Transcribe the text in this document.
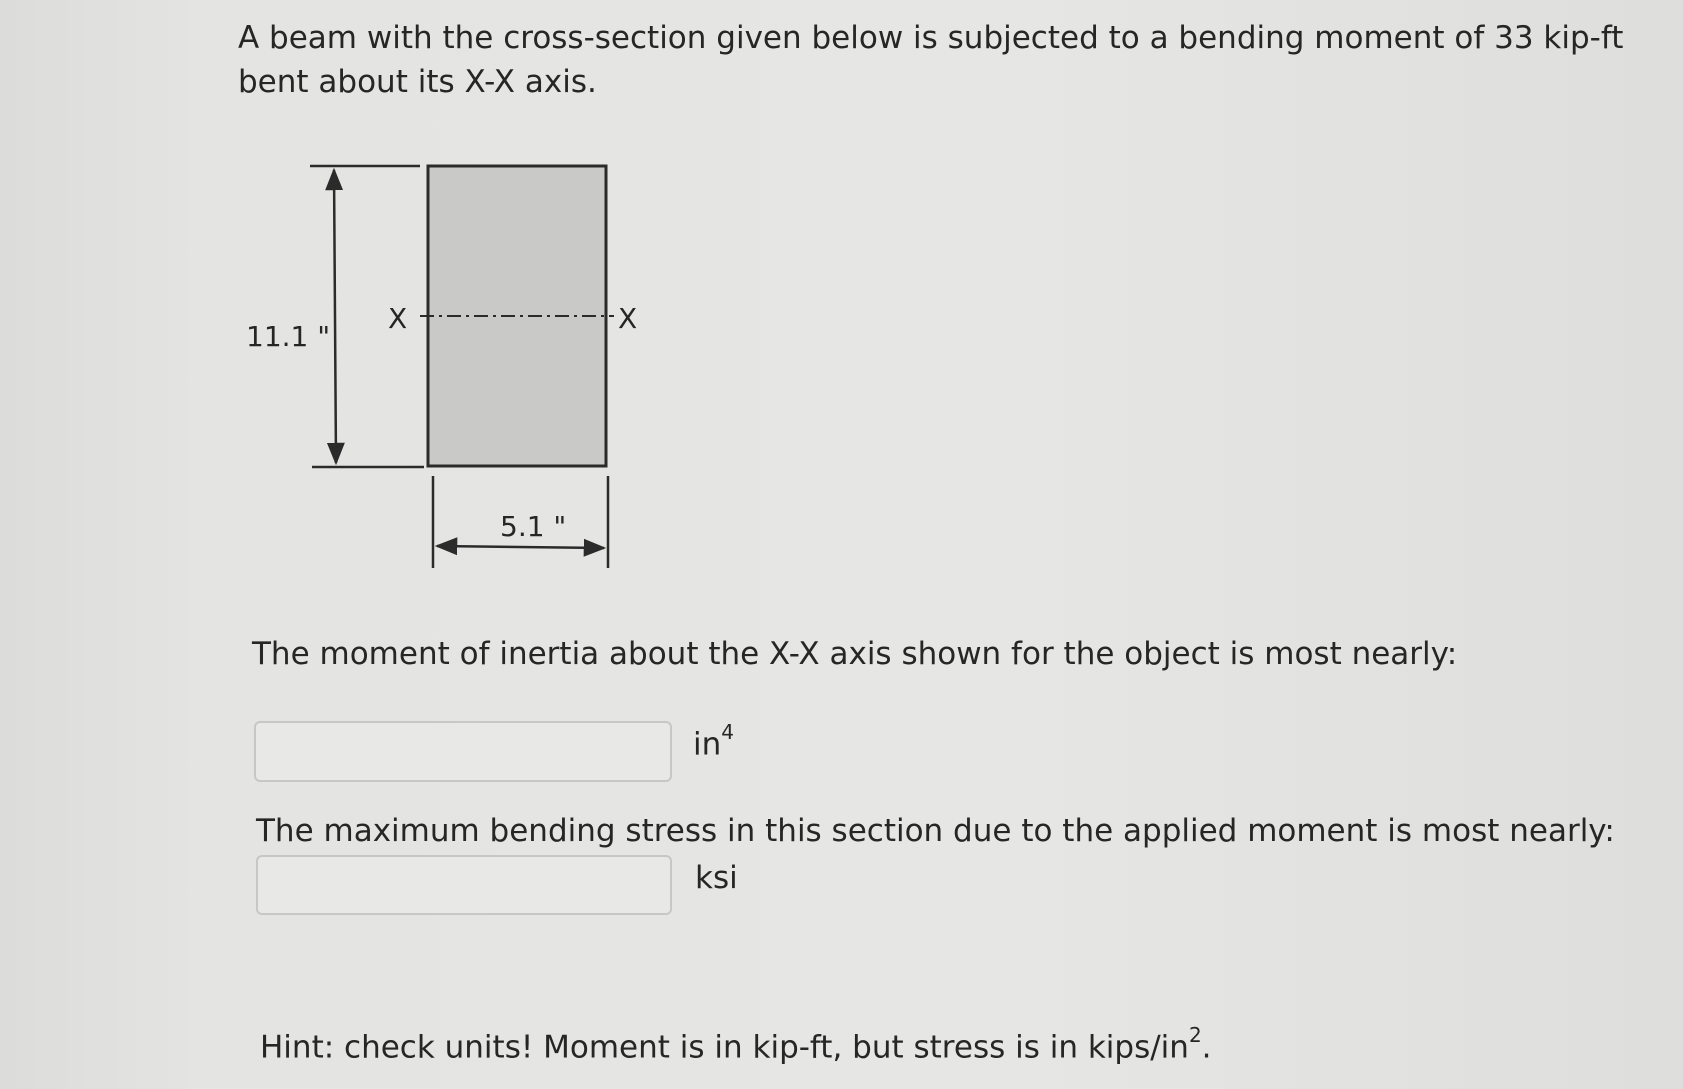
A beam with the cross-section given below is subjected to a bending moment of 33 kip-ft bent about its X-X axis.
11.1 "
5.1 "
X	X
The moment of inertia about the X-X axis shown for the object is most nearly:
$in^4$
The maximum bending stress in this section due to the applied moment is most nearly:
ksi
Hint: check units! Moment is in kip-ft, but stress is in kips/$in^2$.
